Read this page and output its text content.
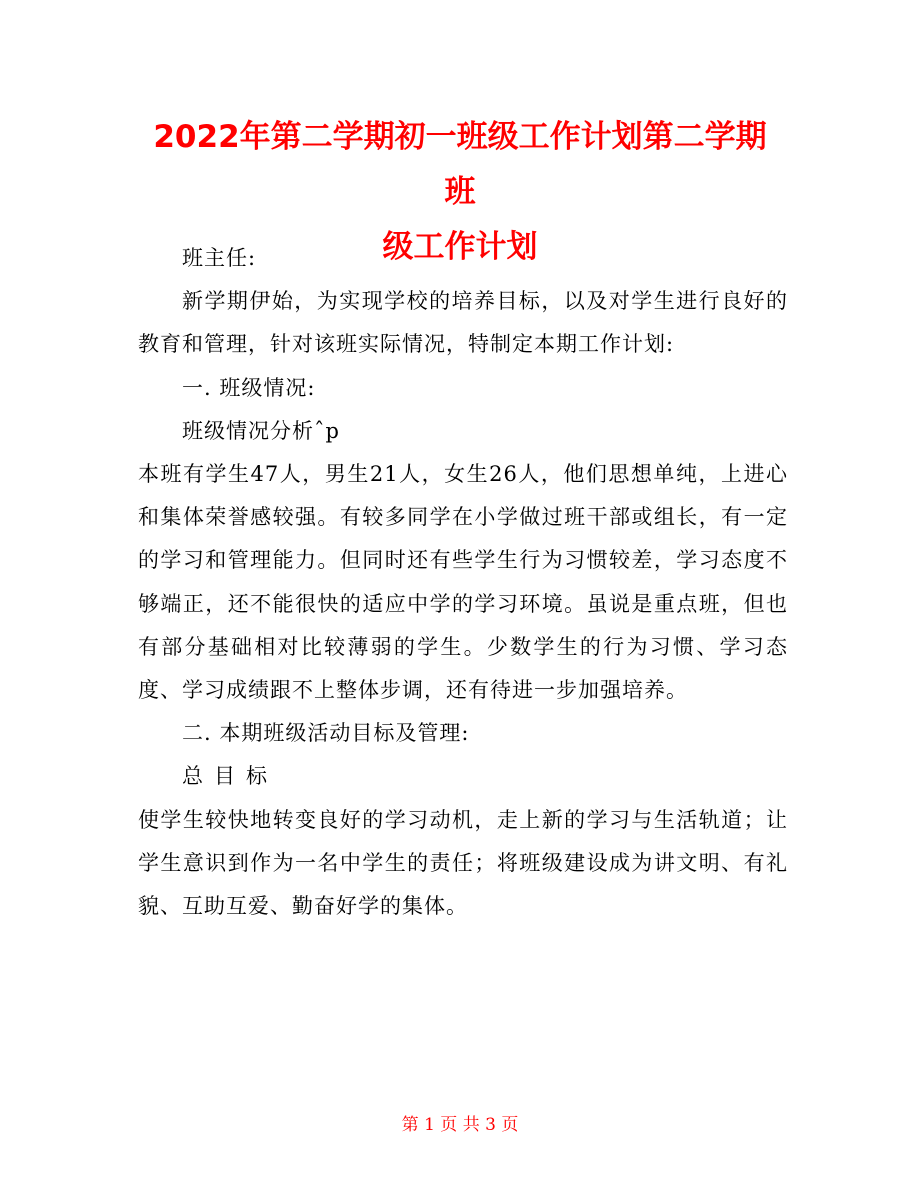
2022年第二学期初一班级工作计划第二学期班
级工作计划

班主任:

新学期伊始，为实现学校的培养目标，以及对学生进行良好的教育和管理，针对该班实际情况，特制定本期工作计划:

一. 班级情况:

班级情况分析ˆp

本班有学生47人，男生21人，女生26人，他们思想单纯，上进心和集体荣誉感较强。有较多同学在小学做过班干部或组长，有一定的学习和管理能力。但同时还有些学生行为习惯较差，学习态度不够端正，还不能很快的适应中学的学习环境。虽说是重点班，但也有部分基础相对比较薄弱的学生。少数学生的行为习惯、学习态度、学习成绩跟不上整体步调，还有待进一步加强培养。

二. 本期班级活动目标及管理:

总目标

使学生较快地转变良好的学习动机，走上新的学习与生活轨道；让学生意识到作为一名中学生的责任；将班级建设成为讲文明、有礼貌、互助互爱、勤奋好学的集体。

第 1 页 共 3 页
